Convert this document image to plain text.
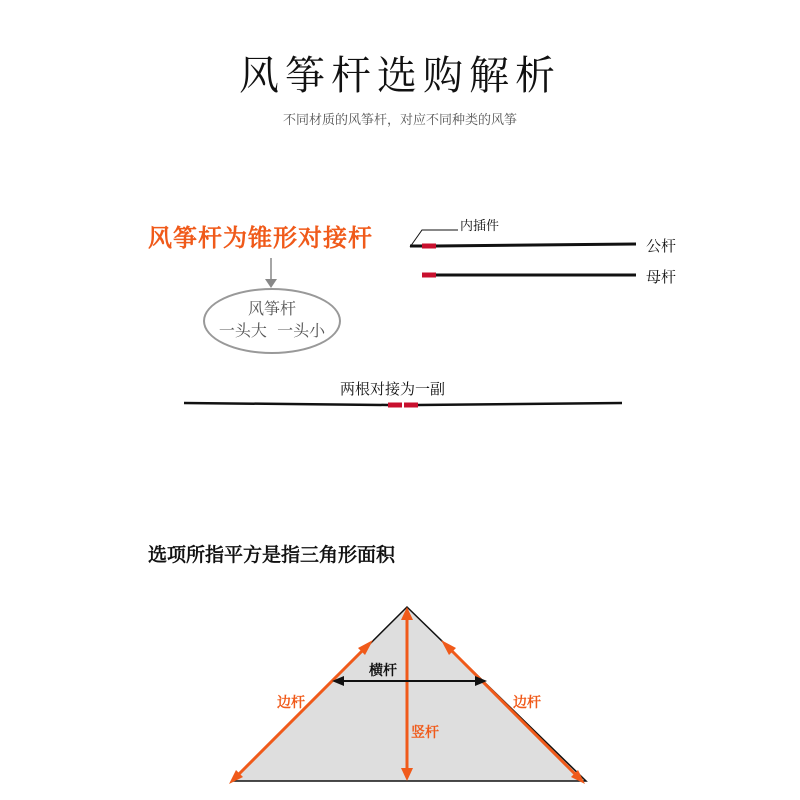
风筝杆选购解析
不同材质的风筝杆，对应不同种类的风筝
风筝杆为锥形对接杆	内插件
公杆
母杆
风筝杆
一头大  一头小
两根对接为一副
选项所指平方是指三角形面积
横杆
竖杆
边杆	边杆
